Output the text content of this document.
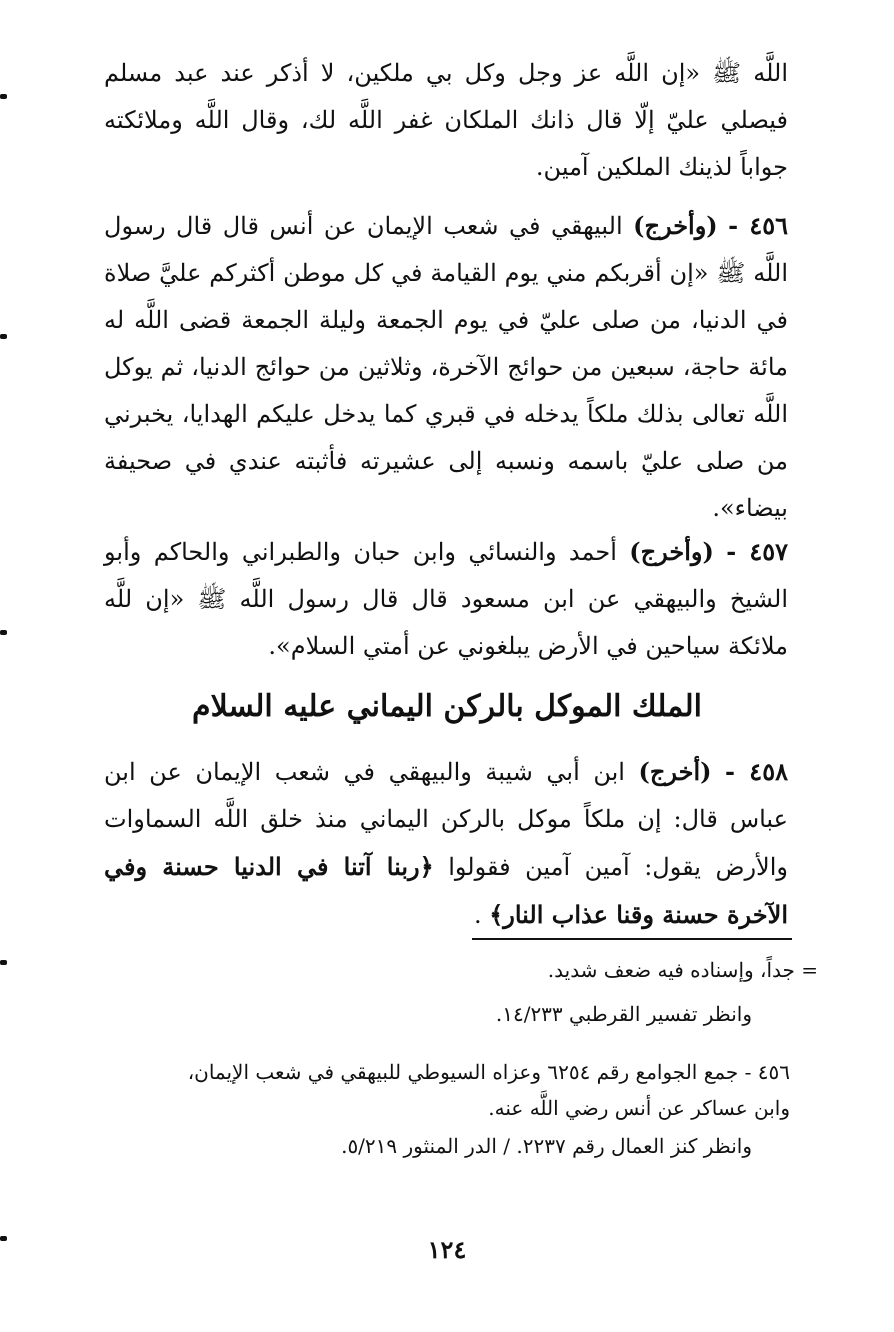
اللَّه ﷺ «إن اللَّه عز وجل وكل بي ملكين، لا أذكر عند عبد مسلم فيصلي عليّ إلّا قال ذانك الملكان غفر اللَّه لك، وقال اللَّه وملائكته جواباً لذينك الملكين آمين.

٤٥٦ - (وأخرج) البيهقي في شعب الإيمان عن أنس قال قال رسول اللَّه ﷺ «إن أقربكم مني يوم القيامة في كل موطن أكثركم عليَّ صلاة في الدنيا، من صلى عليّ في يوم الجمعة وليلة الجمعة قضى اللَّه له مائة حاجة، سبعين من حوائج الآخرة، وثلاثين من حوائج الدنيا، ثم يوكل اللَّه تعالى بذلك ملكاً يدخله في قبري كما يدخل عليكم الهدايا، يخبرني من صلى عليّ باسمه ونسبه إلى عشيرته فأثبته عندي في صحيفة بيضاء».

٤٥٧ - (وأخرج) أحمد والنسائي وابن حبان والطبراني والحاكم وأبو الشيخ والبيهقي عن ابن مسعود قال قال رسول اللَّه ﷺ «إن للَّه ملائكة سياحين في الأرض يبلغوني عن أمتي السلام».

الملك الموكل بالركن اليماني عليه السلام

٤٥٨ - (أخرج) ابن أبي شيبة والبيهقي في شعب الإيمان عن ابن عباس قال: إن ملكاً موكل بالركن اليماني منذ خلق اللَّه السماوات والأرض يقول: آمين آمين فقولوا ﴿ربنا آتنا في الدنيا حسنة وفي الآخرة حسنة وقنا عذاب النار﴾ .

= جداً، وإسناده فيه ضعف شديد.
وانظر تفسير القرطبي ١٤/٢٣٣.
٤٥٦ - جمع الجوامع رقم ٦٢٥٤ وعزاه السيوطي للبيهقي في شعب الإيمان،
وابن عساكر عن أنس رضي اللَّه عنه.
وانظر كنز العمال رقم ٢٢٣٧. / الدر المنثور ٥/٢١٩.
١٢٤
